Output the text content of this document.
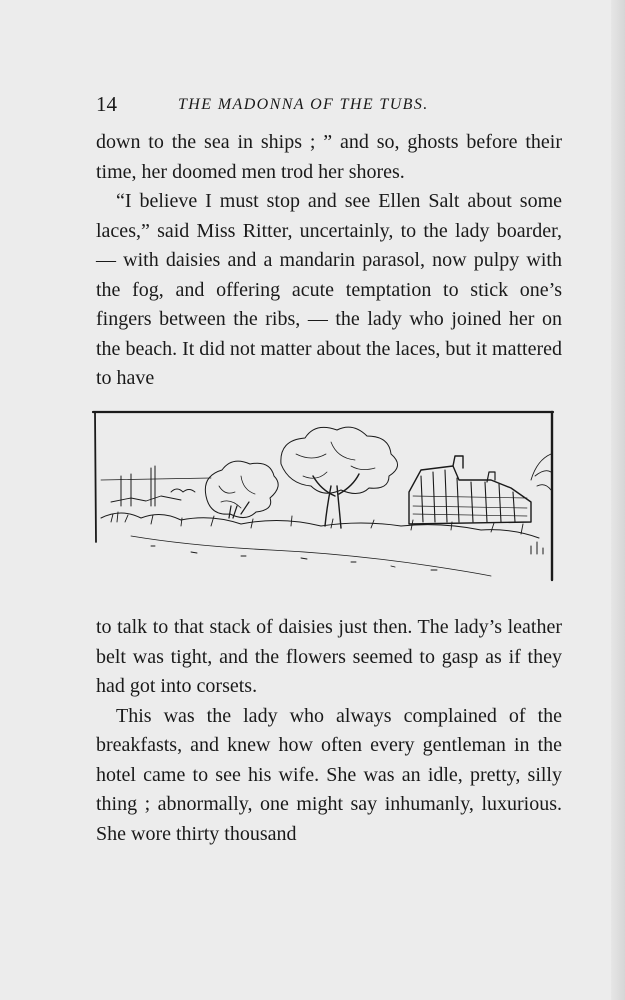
14	THE MADONNA OF THE TUBS.

down to the sea in ships ; ” and so, ghosts before their time, her doomed men trod her shores.

“I believe I must stop and see Ellen Salt about some laces,” said Miss Ritter, uncertainly, to the lady boarder, — with daisies and a mandarin parasol, now pulpy with the fog, and offering acute temptation to stick one’s fingers between the ribs, — the lady who joined her on the beach. It did not matter about the laces, but it mattered to have

to talk to that stack of daisies just then. The lady’s leather belt was tight, and the flowers seemed to gasp as if they had got into corsets.

This was the lady who always complained of the breakfasts, and knew how often every gentleman in the hotel came to see his wife. She was an idle, pretty, silly thing ; abnormally, one might say inhumanly, luxurious. She wore thirty thousand
